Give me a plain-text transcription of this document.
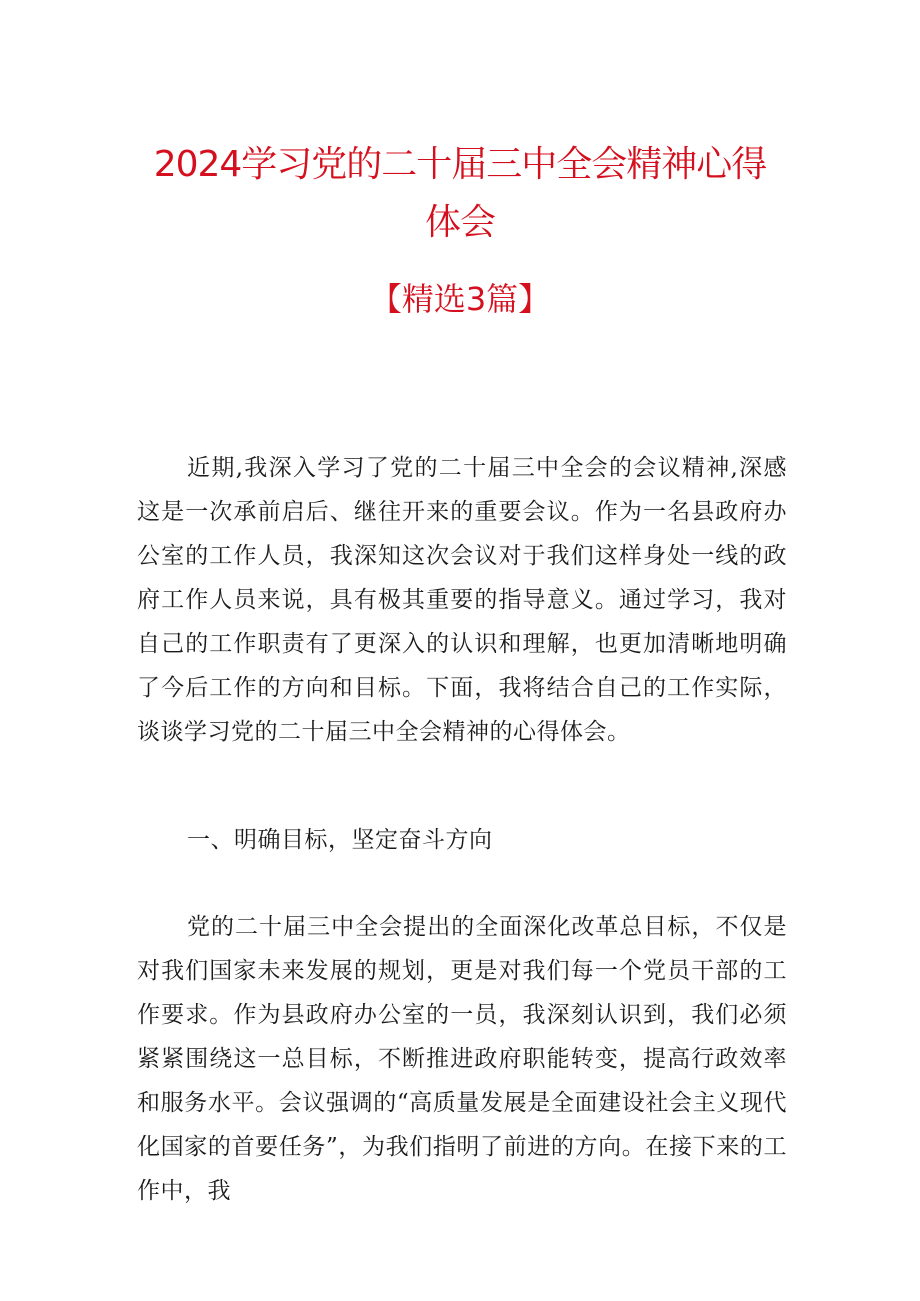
2024学习党的二十届三中全会精神心得
体会
【精选3篇】

近期,我深入学习了党的二十届三中全会的会议精神,深感这是一次承前启后、继往开来的重要会议。作为一名县政府办公室的工作人员，我深知这次会议对于我们这样身处一线的政府工作人员来说，具有极其重要的指导意义。通过学习，我对自己的工作职责有了更深入的认识和理解，也更加清晰地明确了今后工作的方向和目标。下面，我将结合自己的工作实际，谈谈学习党的二十届三中全会精神的心得体会。

一、明确目标，坚定奋斗方向

党的二十届三中全会提出的全面深化改革总目标，不仅是对我们国家未来发展的规划，更是对我们每一个党员干部的工作要求。作为县政府办公室的一员，我深刻认识到，我们必须紧紧围绕这一总目标，不断推进政府职能转变，提高行政效率和服务水平。会议强调的“高质量发展是全面建设社会主义现代化国家的首要任务”，为我们指明了前进的方向。在接下来的工作中，我
